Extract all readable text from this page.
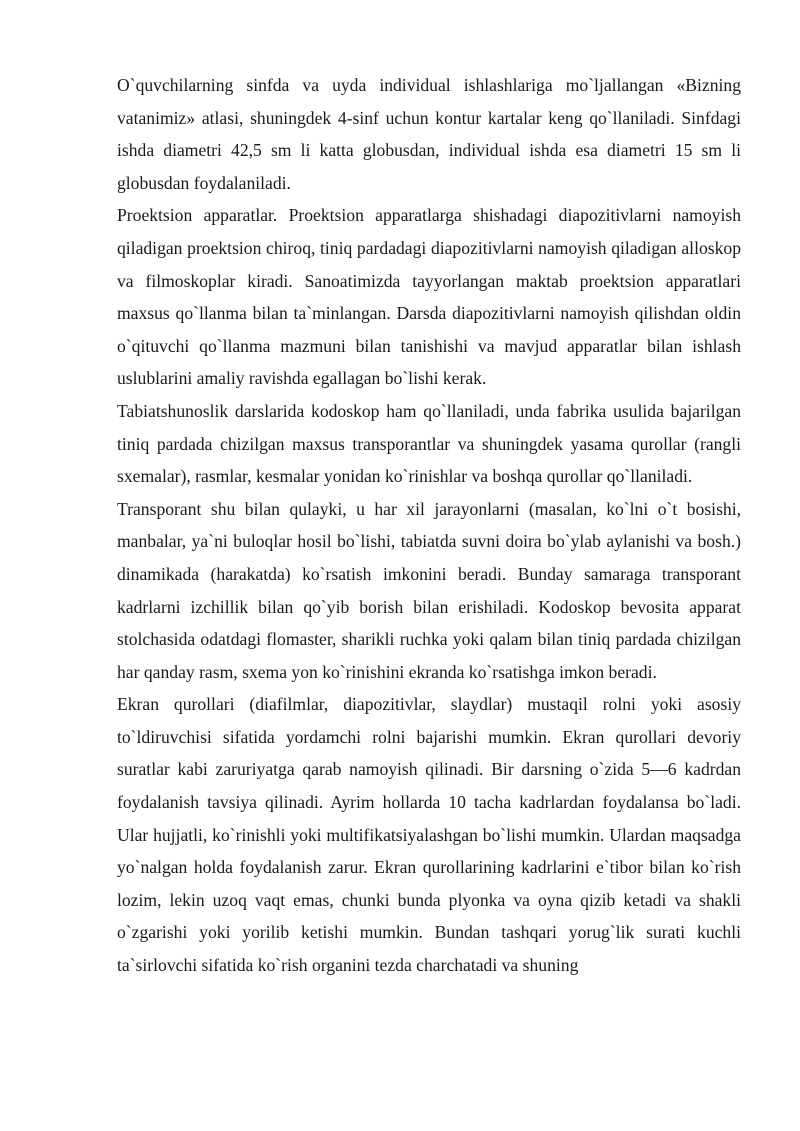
O`quvchilarning sinfda va uyda individual ishlashlariga mo`ljallangan «Bizning vatanimiz» atlasi, shuningdek 4-sinf uchun kontur kartalar keng qo`llaniladi. Sinfdagi ishda diametri 42,5 sm li katta globusdan, individual ishda esa diametri 15 sm li globusdan foydalaniladi.

Proektsion apparatlar. Proektsion apparatlarga shishadagi diapozitivlarni namoyish qiladigan proektsion chiroq, tiniq pardadagi diapozitivlarni namoyish qiladigan alloskop va filmoskoplar kiradi. Sanoatimizda tayyorlangan maktab proektsion apparatlari maxsus qo`llanma bilan ta`minlangan. Darsda diapozitivlarni namoyish qilishdan oldin o`qituvchi qo`llanma mazmuni bilan tanishishi va mavjud apparatlar bilan ishlash uslublarini amaliy ravishda egallagan bo`lishi kerak.

Tabiatshunoslik darslarida kodoskop ham qo`llaniladi, unda fabrika usulida bajarilgan tiniq pardada chizilgan maxsus transporantlar va shuningdek yasama qurollar (rangli sxemalar), rasmlar, kesmalar yonidan ko`rinishlar va boshqa qurollar qo`llaniladi.

Transporant shu bilan qulayki, u har xil jarayonlarni (masalan, ko`lni o`t bosishi, manbalar, ya`ni buloqlar hosil bo`lishi, tabiatda suvni doira bo`ylab aylanishi va bosh.) dinamikada (harakatda) ko`rsatish imkonini beradi. Bunday samaraga transporant kadrlarni izchillik bilan qo`yib borish bilan erishiladi. Kodoskop bevosita apparat stolchasida odatdagi flomaster, sharikli ruchka yoki qalam bilan tiniq pardada chizilgan har qanday rasm, sxema yon ko`rinishini ekranda ko`rsatishga imkon beradi.

Ekran qurollari (diafilmlar, diapozitivlar, slaydlar) mustaqil rolni yoki asosiy to`ldiruvchisi sifatida yordamchi rolni bajarishi mumkin. Ekran qurollari devoriy suratlar kabi zaruriyatga qarab namoyish qilinadi. Bir darsning o`zida 5—6 kadrdan foydalanish tavsiya qilinadi. Ayrim hollarda 10 tacha kadrlardan foydalansa bo`ladi. Ular hujjatli, ko`rinishli yoki multifikatsiyalashgan bo`lishi mumkin. Ulardan maqsadga yo`nalgan holda foydalanish zarur. Ekran qurollarining kadrlarini e`tibor bilan ko`rish lozim, lekin uzoq vaqt emas, chunki bunda plyonka va oyna qizib ketadi va shakli o`zgarishi yoki yorilib ketishi mumkin. Bundan tashqari yorug`lik surati kuchli ta`sirlovchi sifatida ko`rish organini tezda charchatadi va shuning
